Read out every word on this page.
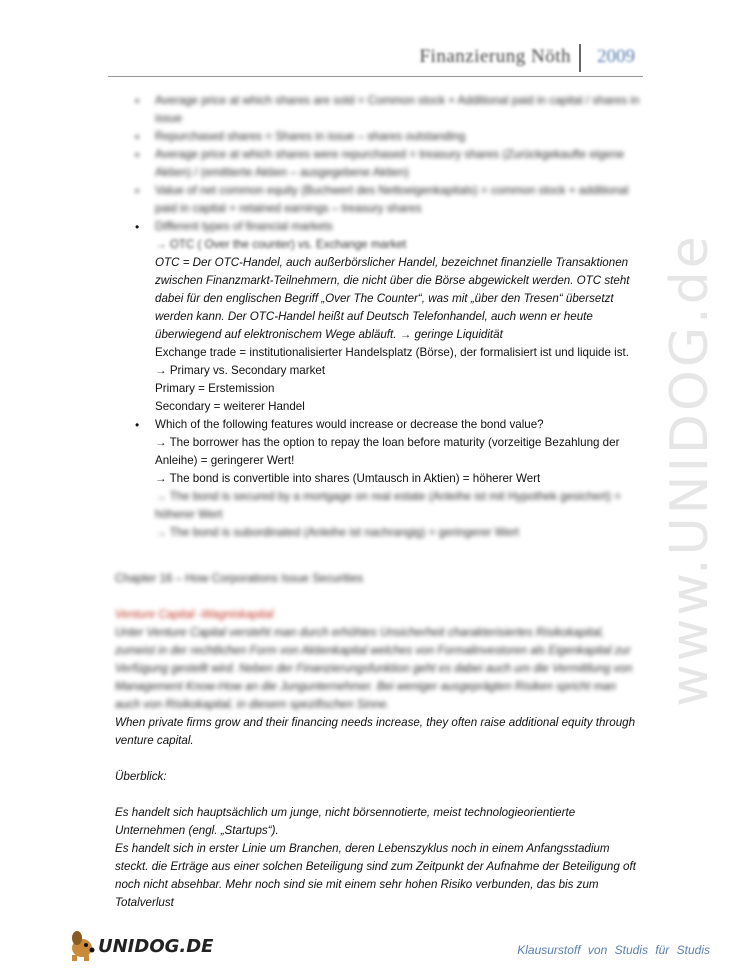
Finanzierung Nöth 2009
www.UNIDOG.de
• Average price at which shares are sold = Common stock + Additional paid in capital / shares in issue
• Repurchased shares = Shares in issue – shares outstanding
• Average price at which shares were repurchased = treasury shares (Zurückgekaufte eigene Aktien) / (emittierte Aktien – ausgegebene Aktien)
• Value of net common equity (Buchwert des Nettoeigenkapitals) = common stock + additional paid in capital + retained earnings – treasury shares

• Different types of financial markets

→ OTC ( Over the counter) vs. Exchange market

OTC = Der OTC-Handel, auch außerbörslicher Handel, bezeichnet finanzielle Transaktionen zwischen Finanzmarkt-Teilnehmern, die nicht über die Börse abgewickelt werden. OTC steht dabei für den englischen Begriff „Over The Counter“, was mit „über den Tresen“ übersetzt werden kann. Der OTC-Handel heißt auf Deutsch Telefonhandel, auch wenn er heute überwiegend auf elektronischem Wege abläuft. → geringe Liquidität

Exchange trade = institutionalisierter Handelsplatz (Börse), der formalisiert ist und liquide ist.

→ Primary vs. Secondary market

Primary = Erstemission

Secondary = weiterer Handel

• Which of the following features would increase or decrease the bond value?

→ The borrower has the option to repay the loan before maturity (vorzeitige Bezahlung der Anleihe) = geringerer Wert!

→ The bond is convertible into shares (Umtausch in Aktien) = höherer Wert

→ The bond is secured by a mortgage on real estate (Anleihe ist mit Hypothek gesichert) = höherer Wert

→ The bond is subordinated (Anleihe ist nachrangig) = geringerer Wert

Chapter 16 – How Corporations Issue Securities

Venture Capital -Wagniskapital

Unter Venture Capital versteht man durch erhöhtes Unsicherheit charakterisiertes Risikokapital, zumeist in der rechtlichen Form von Aktienkapital welches von Formalinvestoren als Eigenkapital zur Verfügung gestellt wird. Neben der Finanzierungsfunktion geht es dabei auch um die Vermittlung von Management Know-How an die Jungunternehmer. Bei weniger ausgeprägten Risiken spricht man auch von Risikokapital, in diesem spezifischen Sinne.

When private firms grow and their financing needs increase, they often raise additional equity through venture capital.

Überblick:

Es handelt sich hauptsächlich um junge, nicht börsennotierte, meist technologieorientierte Unternehmen (engl. „Startups“).

Es handelt sich in erster Linie um Branchen, deren Lebenszyklus noch in einem Anfangsstadium steckt. die Erträge aus einer solchen Beteiligung sind zum Zeitpunkt der Aufnahme der Beteiligung oft noch nicht absehbar. Mehr noch sind sie mit einem sehr hohen Risiko verbunden, das bis zum Totalverlust

UNIDOG.DE	Klausurstoff von Studis für Studis
